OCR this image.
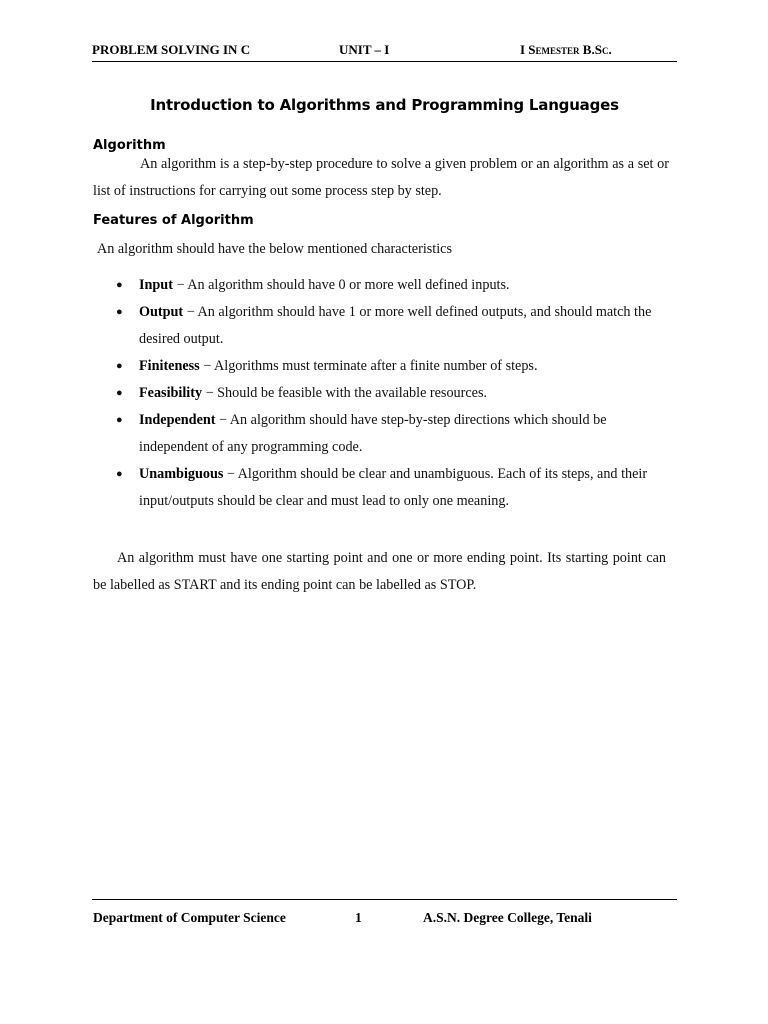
PROBLEM SOLVING IN C	UNIT – I	I Semester B.Sc.
Introduction to Algorithms and Programming Languages
Algorithm
An algorithm is a step-by-step procedure to solve a given problem or an algorithm as a set or list of instructions for carrying out some process step by step.
Features of Algorithm
An algorithm should have the below mentioned characteristics
● Input − An algorithm should have 0 or more well defined inputs.
● Output − An algorithm should have 1 or more well defined outputs, and should match the desired output.
● Finiteness − Algorithms must terminate after a finite number of steps.
● Feasibility − Should be feasible with the available resources.
● Independent − An algorithm should have step-by-step directions which should be independent of any programming code.
● Unambiguous − Algorithm should be clear and unambiguous. Each of its steps, and their input/outputs should be clear and must lead to only one meaning.
An algorithm must have one starting point and one or more ending point. Its starting point can be labelled as START and its ending point can be labelled as STOP.
Department of Computer Science	1	A.S.N. Degree College, Tenali
